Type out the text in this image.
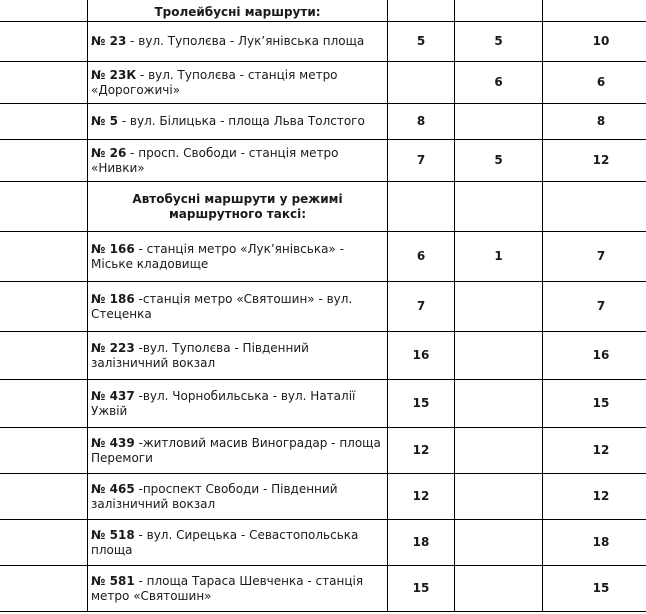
	Тролейбусні маршрути:			
	№ 23 - вул. Туполєва - Лук’янівська площа	5	5	10
	№ 23К - вул. Туполєва - станція метро «Дорогожичі»		6	6
	№ 5 - вул. Білицька - площа Льва Толстого	8		8
	№ 26 - просп. Свободи - станція метро «Нивки»	7	5	12
	Автобусні маршрути у режимі маршрутного таксі:			
	№ 166 - станція метро «Лук’янівська» - Міське кладовище	6	1	7
	№ 186 -станція метро «Святошин» - вул. Стеценка	7		7
	№ 223 -вул. Туполєва - Південний залізничний вокзал	16		16
	№ 437 -вул. Чорнобильська - вул. Наталії Ужвій	15		15
	№ 439 -житловий масив Виноградар - площа Перемоги	12		12
	№ 465 -проспект Свободи - Південний залізничний вокзал	12		12
	№ 518 - вул. Сирецька - Севастопольська площа	18		18
	№ 581 - площа Тараса Шевченка - станція метро «Святошин»	15		15
